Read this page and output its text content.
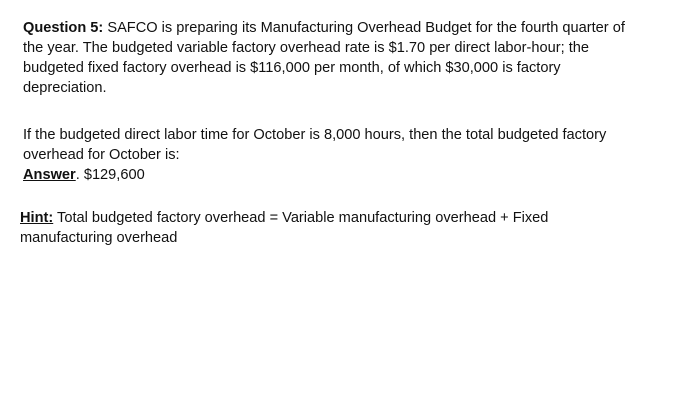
Question 5: SAFCO is preparing its Manufacturing Overhead Budget for the fourth quarter of
the year. The budgeted variable factory overhead rate is $1.70 per direct labor-hour; the
budgeted fixed factory overhead is $116,000 per month, of which $30,000 is factory
depreciation.

If the budgeted direct labor time for October is 8,000 hours, then the total budgeted factory
overhead for October is:
Answer. $129,600

Hint: Total budgeted factory overhead = Variable manufacturing overhead + Fixed
manufacturing overhead
